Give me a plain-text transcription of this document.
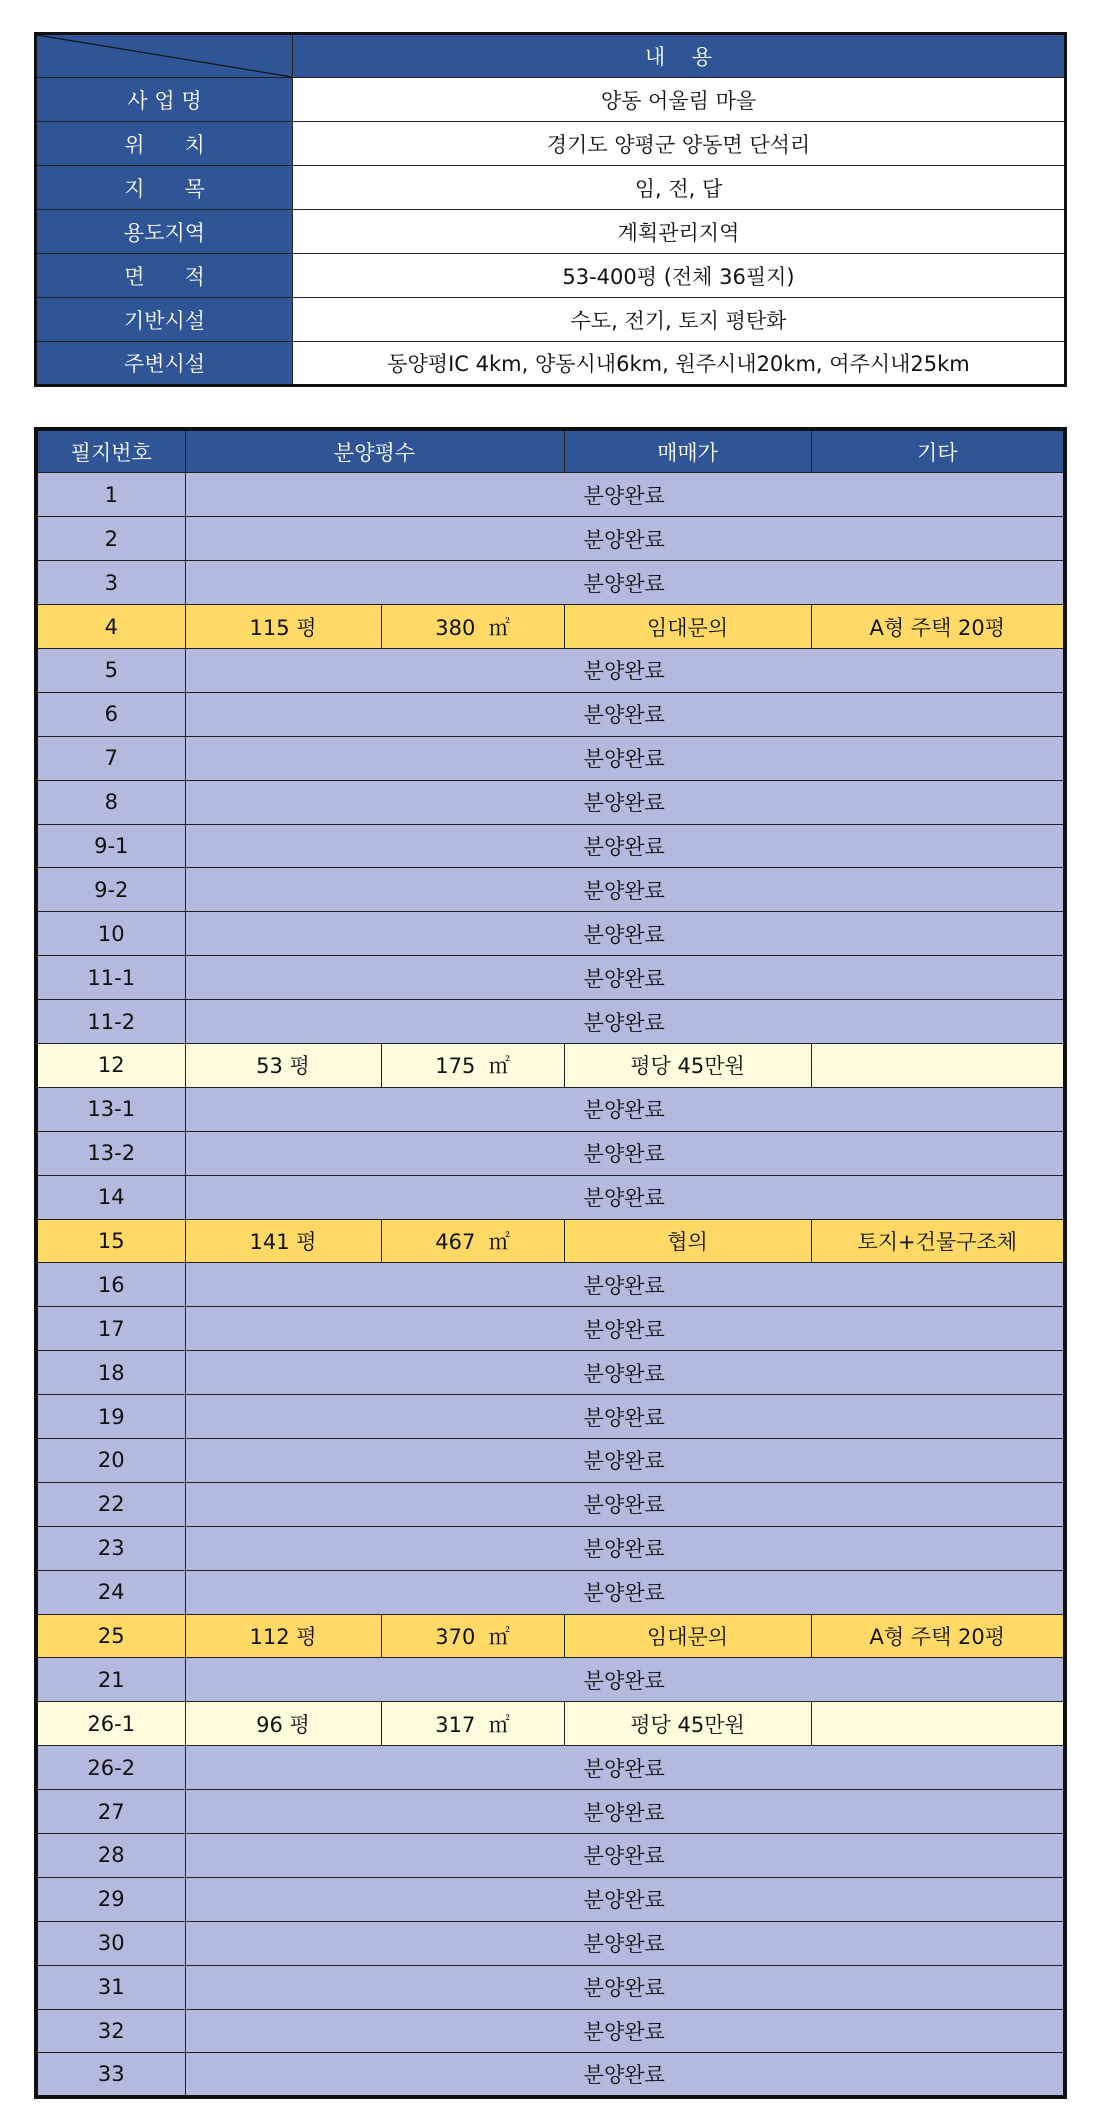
	내    용
사 업 명	양동 어울림 마을
위      치	경기도 양평군 양동면 단석리
지      목	임, 전, 답
용도지역	계획관리지역
면      적	53-400평 (전체 36필지)
기반시설	수도, 전기, 토지 평탄화
주변시설	동양평IC 4km, 양동시내6km, 원주시내20km, 여주시내25km
필지번호	분양평수		매매가	기타
1	분양완료			
2	분양완료			
3	분양완료			
4	115 평	380  ㎡	임대문의	A형 주택 20평
5	분양완료			
6	분양완료			
7	분양완료			
8	분양완료			
9-1	분양완료			
9-2	분양완료			
10	분양완료			
11-1	분양완료			
11-2	분양완료			
12	53 평	175  ㎡	평당 45만원	
13-1	분양완료			
13-2	분양완료			
14	분양완료			
15	141 평	467  ㎡	협의	토지+건물구조체
16	분양완료			
17	분양완료			
18	분양완료			
19	분양완료			
20	분양완료			
22	분양완료			
23	분양완료			
24	분양완료			
25	112 평	370  ㎡	임대문의	A형 주택 20평
21	분양완료			
26-1	96 평	317  ㎡	평당 45만원	
26-2	분양완료			
27	분양완료			
28	분양완료			
29	분양완료			
30	분양완료			
31	분양완료			
32	분양완료			
33	분양완료			
